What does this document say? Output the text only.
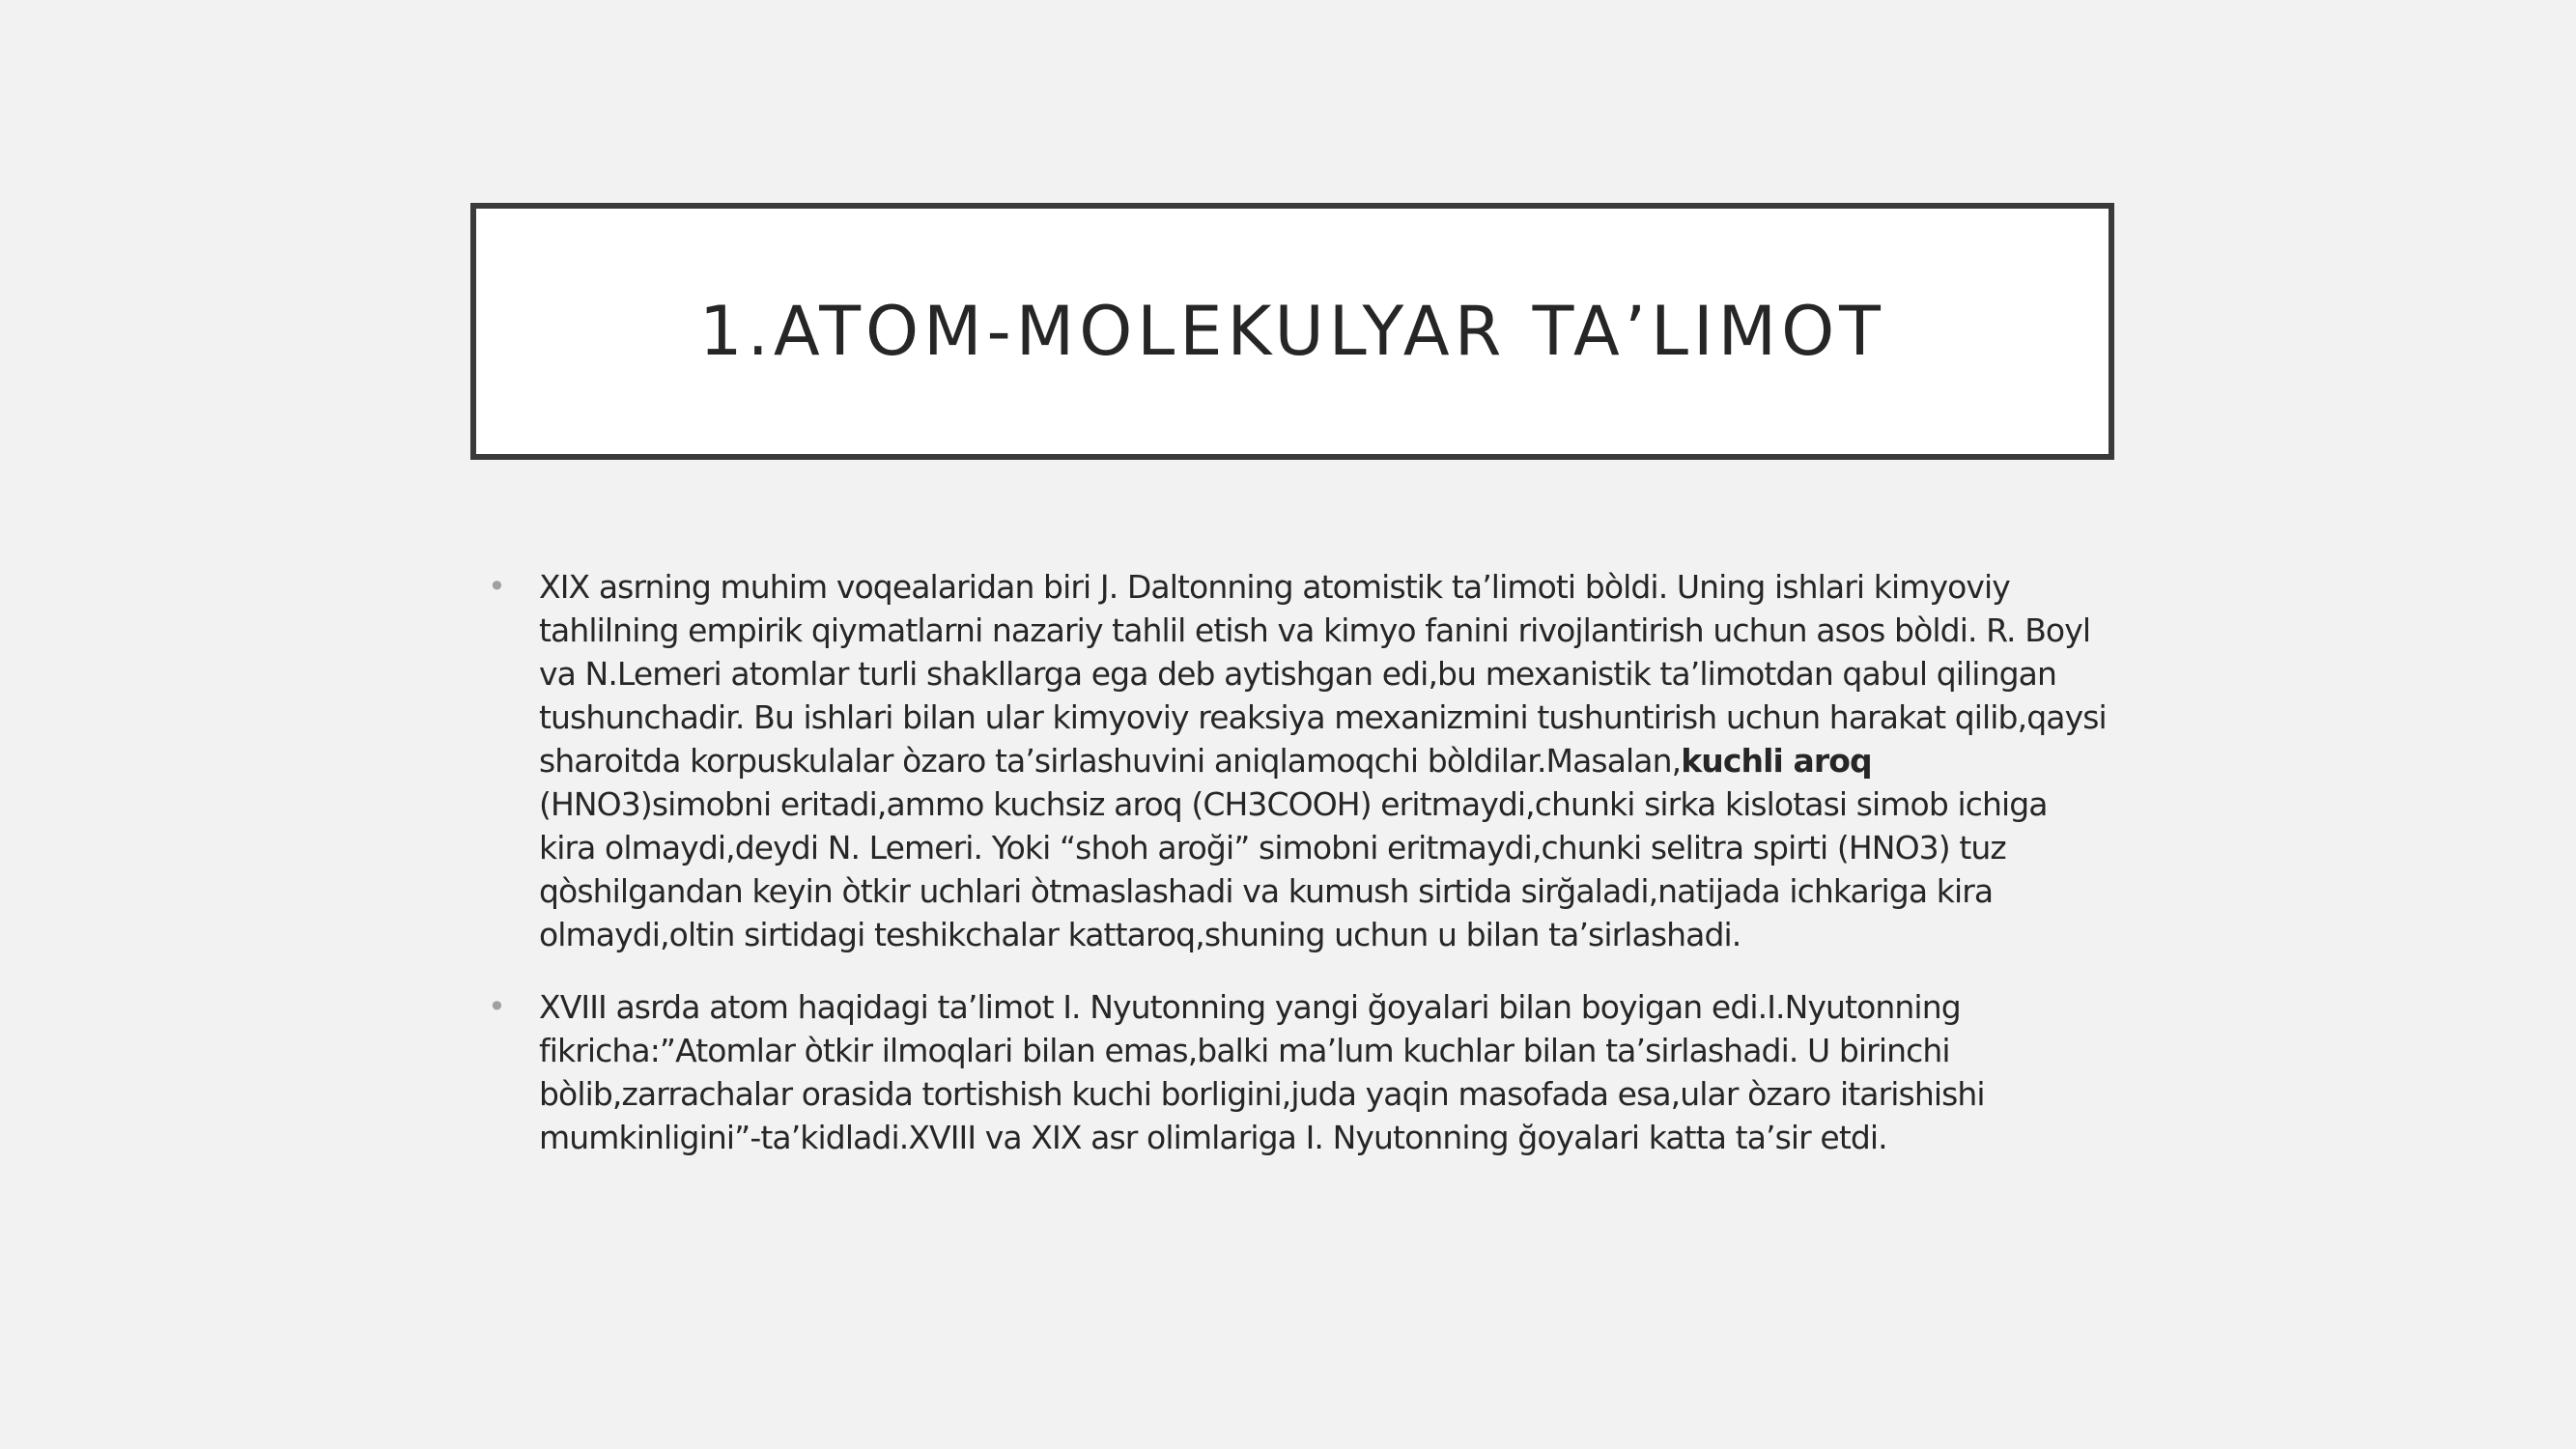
1.ATOM-MOLEKULYAR TA’LIMOT
• XIX asrning muhim voqealaridan biri J. Daltonning atomistik ta’limoti bòldi. Uning ishlari kimyoviy tahlilning empirik qiymatlarni nazariy tahlil etish va kimyo fanini rivojlantirish uchun asos bòldi. R. Boyl va N.Lemeri atomlar turli shakllarga ega deb aytishgan edi,bu mexanistik ta’limotdan qabul qilingan tushunchadir. Bu ishlari bilan ular kimyoviy reaksiya mexanizmini tushuntirish uchun harakat qilib,qaysi sharoitda korpuskulalar òzaro ta’sirlashuvini aniqlamoqchi bòldilar.Masalan,kuchli aroq (HNO3)simobni eritadi,ammo kuchsiz aroq (CH3COOH) eritmaydi,chunki sirka kislotasi simob ichiga kira olmaydi,deydi N. Lemeri. Yoki “shoh aroği” simobni eritmaydi,chunki selitra spirti (HNO3) tuz qòshilgandan keyin òtkir uchlari òtmaslashadi va kumush sirtida sirğaladi,natijada ichkariga kira olmaydi,oltin sirtidagi teshikchalar kattaroq,shuning uchun u bilan ta’sirlashadi.
• XVIII asrda atom haqidagi ta’limot I. Nyutonning yangi ğoyalari bilan boyigan edi.I.Nyutonning fikricha:”Atomlar òtkir ilmoqlari bilan emas,balki ma’lum kuchlar bilan ta’sirlashadi. U birinchi bòlib,zarrachalar orasida tortishish kuchi borligini,juda yaqin masofada esa,ular òzaro itarishishi mumkinligini”-ta’kidladi.XVIII va XIX asr olimlariga I. Nyutonning ğoyalari katta ta’sir etdi.
